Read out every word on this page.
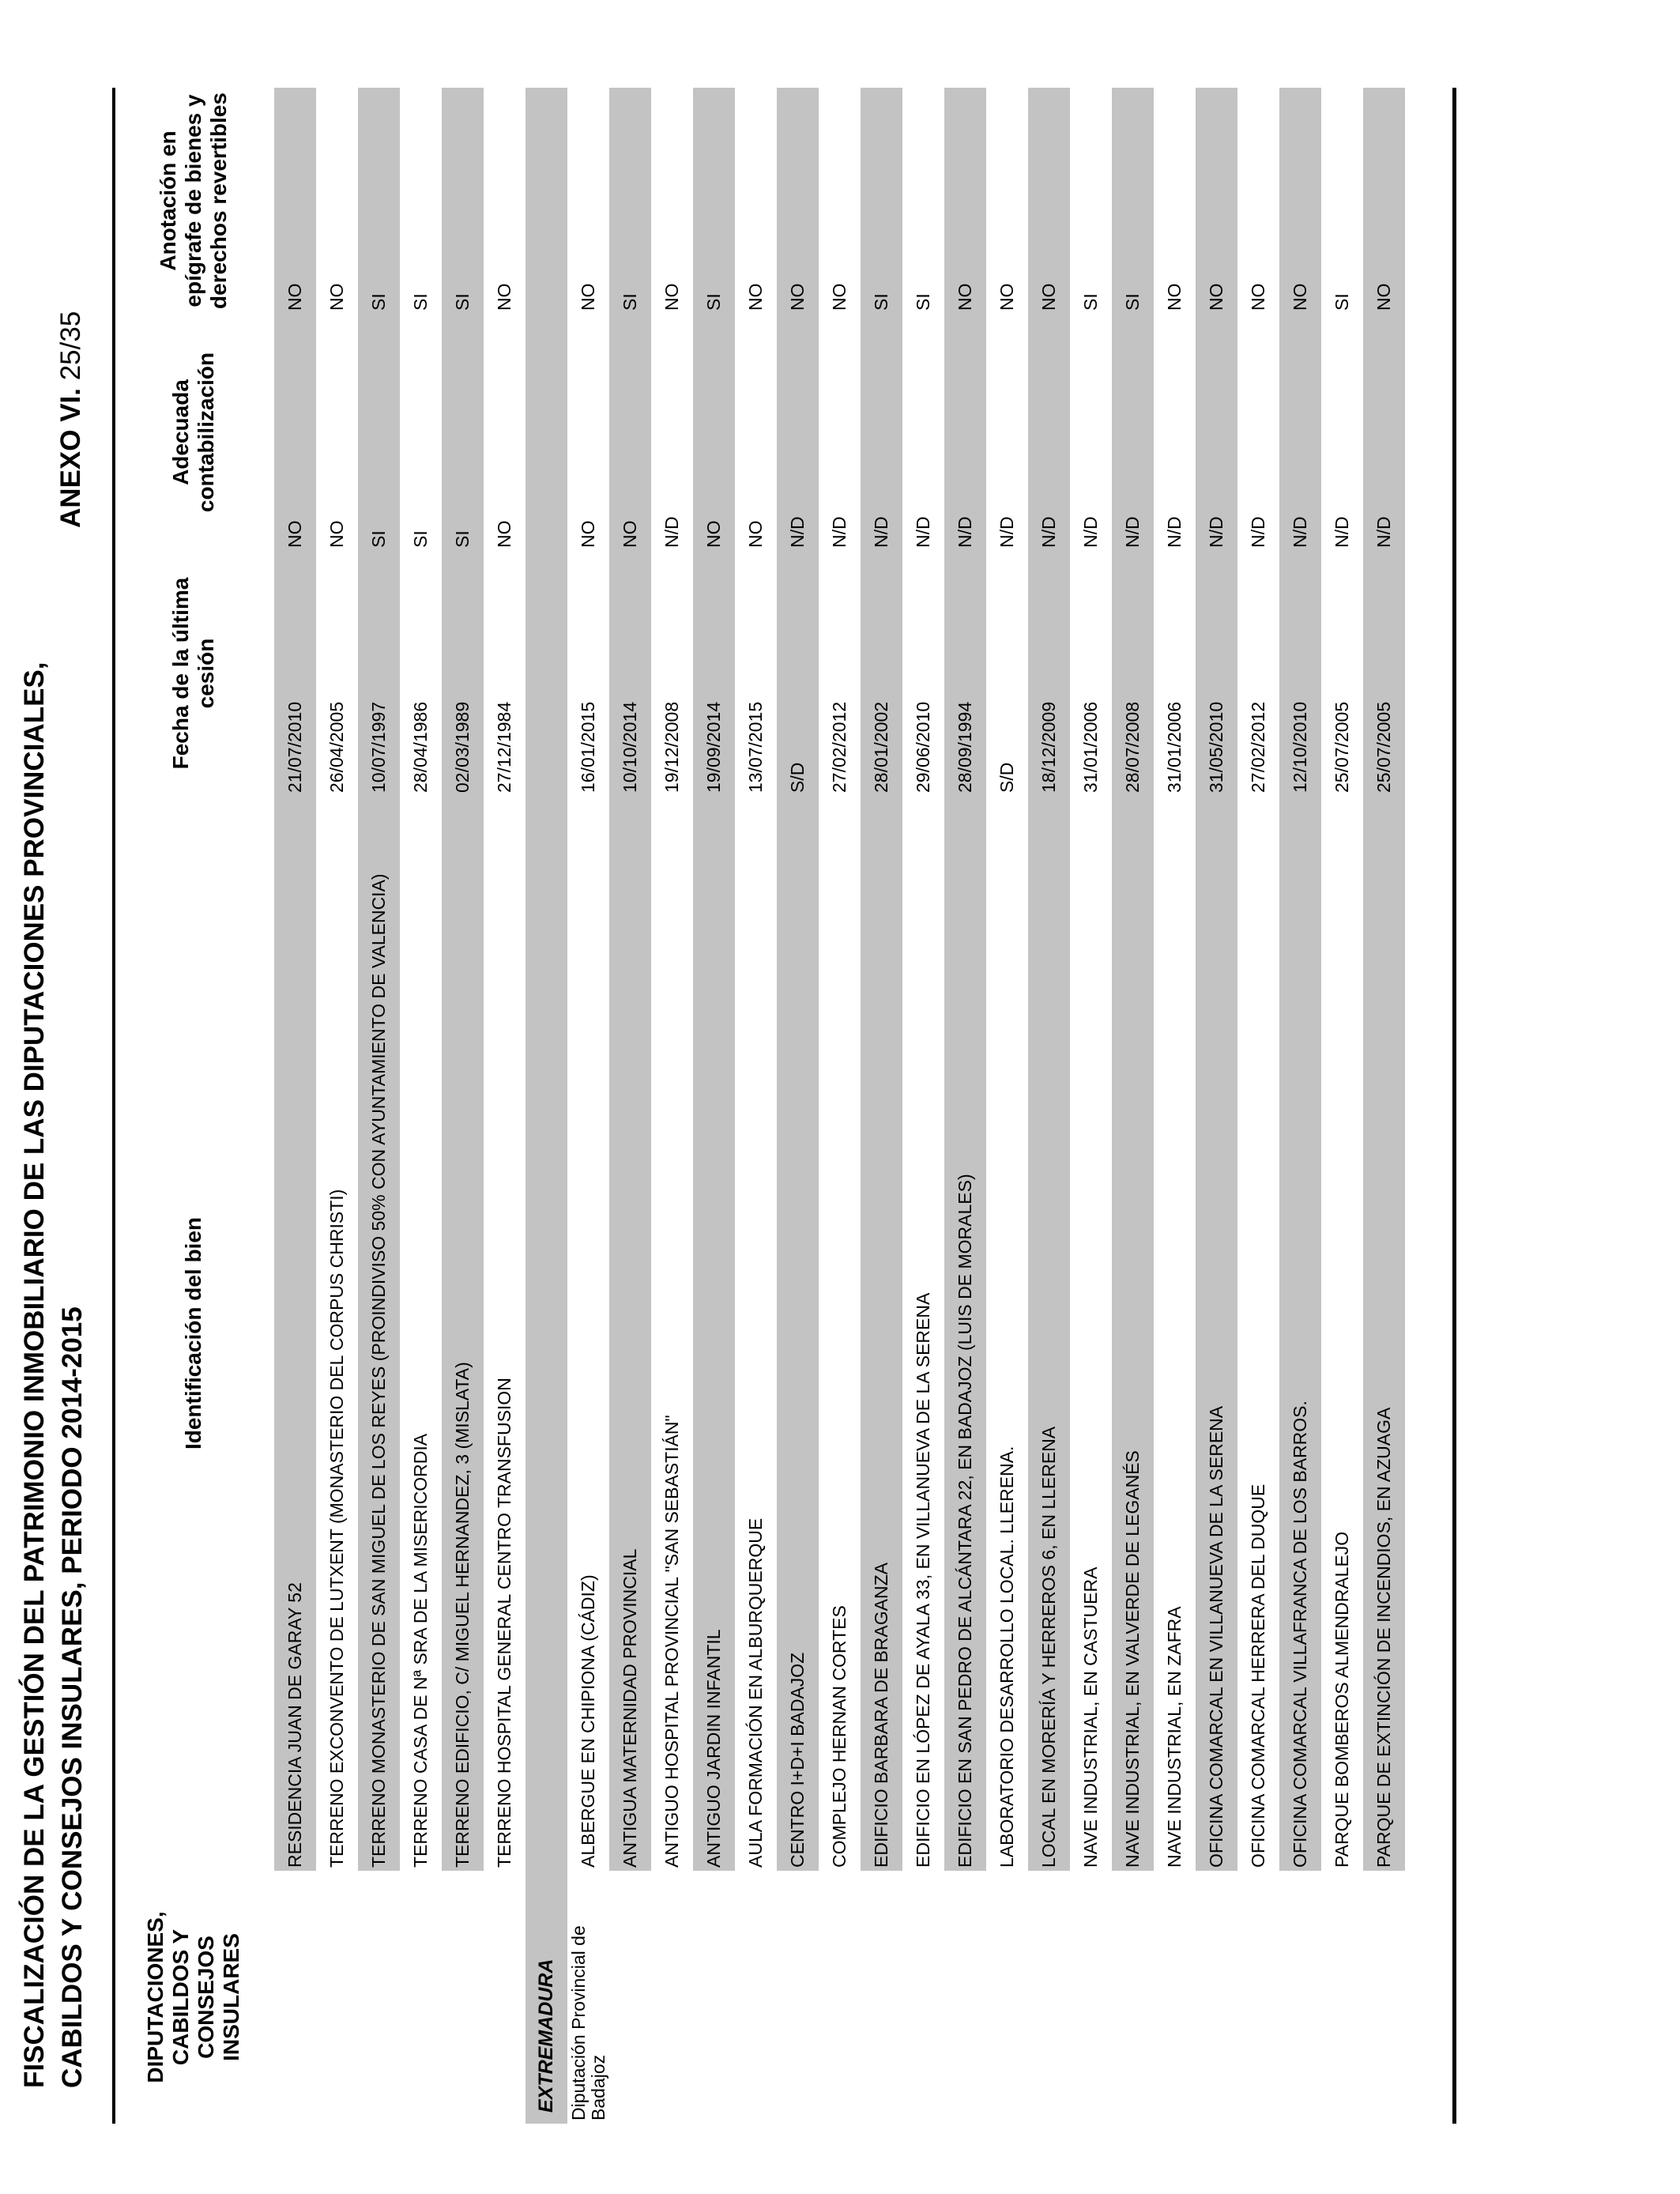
FISCALIZACIÓN DE LA GESTIÓN DEL PATRIMONIO INMOBILIARIO DE LAS DIPUTACIONES PROVINCIALES, CABILDOS Y CONSEJOS INSULARES, PERIODO 2014-2015
ANEXO VI. 25/35
DIPUTACIONES, CABILDOS Y CONSEJOS INSULARES	Identificación del bien	Fecha de la última cesión	Adecuada contabilización	Anotación en epígrafe de bienes y derechos revertibles
	RESIDENCIA JUAN DE GARAY 52	21/07/2010	NO	NO
	TERRENO EXCONVENTO DE LUTXENT (MONASTERIO DEL CORPUS CHRISTI)	26/04/2005	NO	NO
	TERRENO MONASTERIO DE SAN MIGUEL DE LOS REYES (PROINDIVISO 50% CON AYUNTAMIENTO DE VALENCIA)	10/07/1997	SI	SI
	TERRENO CASA DE Nª SRA DE LA MISERICORDIA	28/04/1986	SI	SI
	TERRENO EDIFICIO, C/ MIGUEL HERNANDEZ, 3 (MISLATA)	02/03/1989	SI	SI
	TERRENO HOSPITAL GENERAL CENTRO TRANSFUSION	27/12/1984	NO	NO
EXTREMADURA				
Diputación Provincial de Badajoz	ALBERGUE EN CHIPIONA (CÁDIZ)	16/01/2015	NO	NO
	ANTIGUA MATERNIDAD PROVINCIAL	10/10/2014	NO	SI
	ANTIGUO HOSPITAL PROVINCIAL "SAN SEBASTIÁN"	19/12/2008	N/D	NO
	ANTIGUO JARDIN INFANTIL	19/09/2014	NO	SI
	AULA FORMACIÓN EN ALBURQUERQUE	13/07/2015	NO	NO
	CENTRO I+D+I BADAJOZ	S/D	N/D	NO
	COMPLEJO HERNAN CORTES	27/02/2012	N/D	NO
	EDIFICIO BARBARA DE BRAGANZA	28/01/2002	N/D	SI
	EDIFICIO EN LÓPEZ DE AYALA 33, EN VILLANUEVA DE LA SERENA	29/06/2010	N/D	SI
	EDIFICIO EN SAN PEDRO DE ALCÁNTARA 22, EN BADAJOZ (LUIS DE MORALES)	28/09/1994	N/D	NO
	LABORATORIO DESARROLLO LOCAL. LLERENA.	S/D	N/D	NO
	LOCAL EN MORERÍA Y HERREROS 6, EN LLERENA	18/12/2009	N/D	NO
	NAVE INDUSTRIAL, EN CASTUERA	31/01/2006	N/D	SI
	NAVE INDUSTRIAL, EN VALVERDE DE LEGANÉS	28/07/2008	N/D	SI
	NAVE INDUSTRIAL, EN ZAFRA	31/01/2006	N/D	NO
	OFICINA COMARCAL EN VILLANUEVA DE LA SERENA	31/05/2010	N/D	NO
	OFICINA COMARCAL HERRERA DEL DUQUE	27/02/2012	N/D	NO
	OFICINA COMARCAL VILLAFRANCA DE LOS BARROS.	12/10/2010	N/D	NO
	PARQUE BOMBEROS ALMENDRALEJO	25/07/2005	N/D	SI
	PARQUE DE EXTINCIÓN DE INCENDIOS, EN AZUAGA	25/07/2005	N/D	NO
